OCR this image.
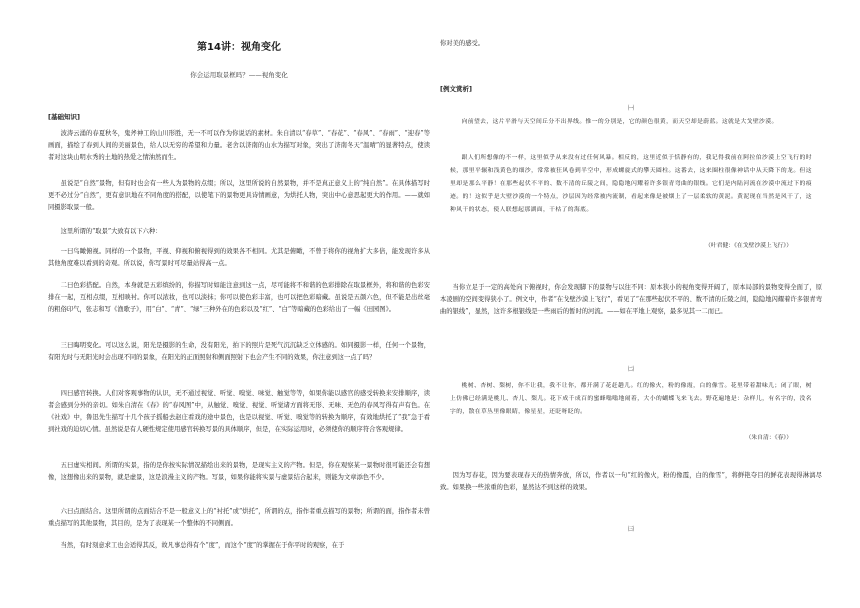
第14讲：视角变化
你会运用取景框吗？——视角变化
[基础知识]

波涛云涌的春夏秋冬，鬼斧神工的山川形胜，无一不可以作为你说话的素材。朱自清以“春草”、“春花”、“春风”、“春雨”、“迎春”等画面，描绘了春到人间的美丽景色，给人以无穷的希望和力量。老舍以济南的山水为描写对象，突出了济南冬天“温晴”的显著特点，使读者对这块山明水秀的土地的热爱之情油然而生。

虽说是“自然”景物，但有时也会有一些人为景物的点缀；所以，这里所说的自然景物，并不是真正意义上的“纯自然”。在具体描写时更不必过分“自然”，更有意识地在不同角度的搭配，以使笔下的景物更具诗情画意，为烘托人物，突出中心意思起更大的作用。——就如同摄影取景一般。

这里所谓的“取景”大致有以下六种：

一曰鸟瞰俯视。同样的一个景物，平视、仰视和俯视得到的效果各不相同。尤其是俯瞰，不曾于将你的视角扩大多倍，能发现许多从其他角度难以看到的奇观。所以说，你写景时可尽量站得高一点。

二曰色彩搭配。自然，本身就是五彩缤纷的，你描写时如能注意到这一点，尽可能将不和谐的色彩排除在取景框外，将和谐的色彩安排在一起，互相点缀，互相映衬。你可以浓妆，也可以淡抹；你可以使色彩丰富，也可以把色彩暗藏。虽说是五颜六色，但不能是出丝毫的粗俗印气，张志和写《渔歌子》，用“白”、“青”、“绿”三种外在的色彩以及“红”、“白”等暗藏的色彩给出了一幅《田园图》。

三曰晦明变化。可以这么说，阳光是摄影的生命，没有阳光，拍下的照片是死气沉沉缺乏立体感的。如同摄影一样，任何一个景物，有阳光时与无阳光时会出现不同的景象，在阳光的正面照射和侧面照射下也会产生不同的效果，你注意到这一点了吗？

四曰感官转换。人们对客观事物的认识，无不通过视觉、听觉、嗅觉、味觉、触觉等等，如果你能以感官的感受转换来安排顺序，读者会感到分外的亲切。如朱自清在《春》的“春风图”中，从触觉、嗅觉、视觉、听觉诸方面将无形、无味、无色的春风写得有声有色。在《社戏》中，鲁迅先生描写十几个孩子摇船去赵庄看戏的途中景色，也是以视觉、听觉、嗅觉等的转换为顺序，有效地烘托了“我”急于看到社戏的迫切心情。虽然说是有人硬性规定使用感官转换写景的具体顺序，但是，在实际运用时，必须使你的顺序符合客观规律。

五曰虚实相间。所谓的实景，指的是你按实际情况描绘出来的景物，是现实主义的产物。但是，你在观察某一景物时很可能还会有想像，这想像出来的景物，就是虚景，这是浪漫主义的产物。写景，如果你能将实景与虚景结合起来，则能为文章添色不少。

六曰点面结合。这里所谓的点面结合不是一般意义上的“衬托”或“烘托”，所谓的点，指作者重点描写的景物；所谓的面，指作者未曾重点描写的其他景物，其目的，是为了表现某一个整体的不同侧面。

当然，有时刻意求工也会适得其反，故凡事总得有个“度”，而这个“度”的掌握在于你平时的观察，在于

你对美的感受。

[例文赏析]
㈠

向前望去，这片平滑与天空间丘分不出界线。惟一的分别是，它的颜色很黄，而天空却是蔚蓝。这就是大戈壁沙漠。

跟人们所想像的不一样，这里似乎从来没有过任何风暴。相反的，这里近似于恬静有的，我记得我前在阿拉伯沙漠上空飞行的时候，那里平辗和浅黄色的细沙，常常被狂风卷到半空中，形成螺旋式的攀天圆柱。这番去，这来圈柱很像神话中从天降下的龙。但这里却是那么平静！在那些起伏不平的、数不清的丘陵之间，隐隐地闪耀着许多银青弯曲的银线。它们是内陆河流在沙漠中流过下的痕迹。的！这似乎是大壁沙漠的一个特点，沙层因为经常被内流制，看起来像是被烟上了一层柔软的黄泥。黄泥现在当然是风干了，这种风干的状态，使人联想起那湖面，干枯了的海底。

（叶君健：《在戈壁沙漠上飞行》）

当你立足于一定的高处向下俯视时，你会发现脚下的景物与以往不同：原本狭小的视角变得开阔了，原本局部的景物变得全面了，原本凌剧的空间变得狭小了。例文中，作者“在戈壁沙漠上飞行”，看见了“在那些起伏不平的、数不清的丘陵之间，隐隐地闪耀着许多银青弯曲的银线”，显然，这许多根银线是一些雨后的暂时的河流。——如在平地上观察，最多见其一二而已。

㈡

桃树、杏树、梨树，你不让我，我不让你，都开满了花赶趟儿。红的像火，粉的像霞，白的像雪。花里带着甜味儿；闭了眼，树上仿佛已经满是桃儿、杏儿、梨儿。花下成千成百的蜜蜂嗡嗡地闹着，大小的蝴蝶飞来飞去。野花遍地是：杂样儿，有名字的，没名字的，散在草丛里像眼睛，像星星，还眨呀眨的。

（朱自清：《春》）

因为写春花，因为要表现春天的热情奔放，所以，作者以一句“红的像火，粉的像霞，白的像雪”，将鲜艳夺目的鲜花表现得淋漓尽致。如果换一些浓重的色彩，显然达不到这样的效果。

㈢
